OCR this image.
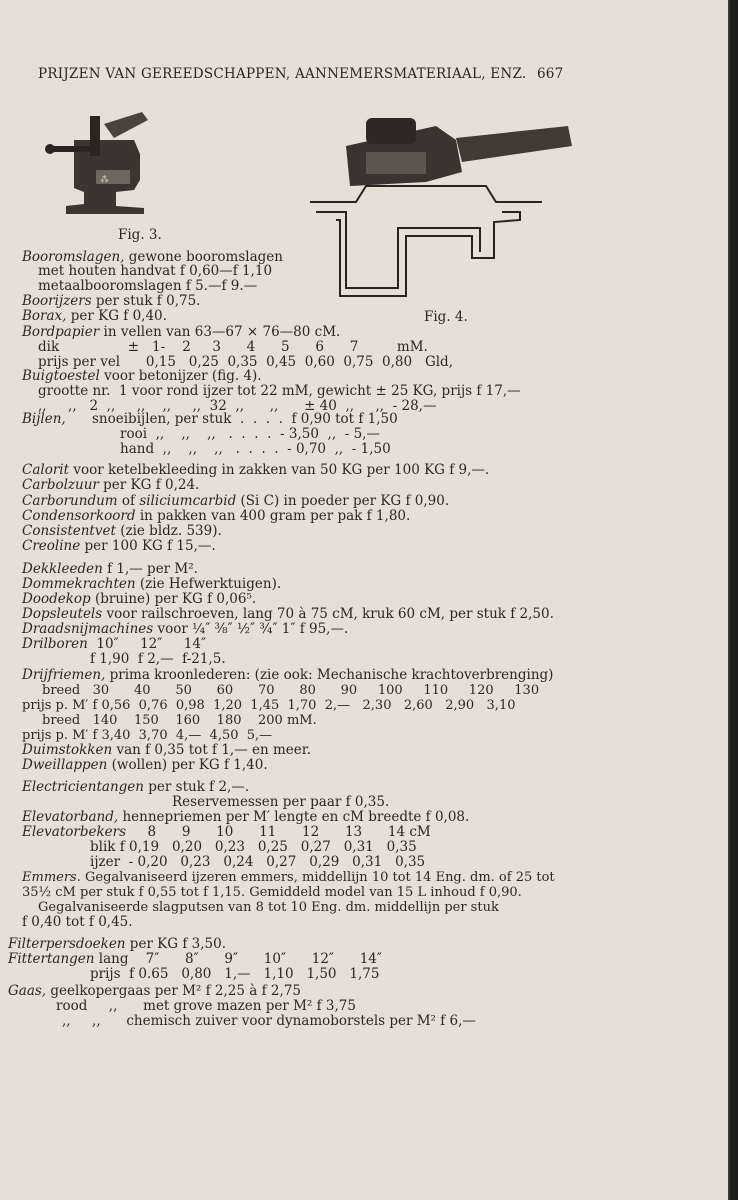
PRIJZEN VAN GEREEDSCHAPPEN, AANNEMERSMATERIAAL, ENZ. 667
⁂
Fig. 3.
Fig. 4.
Booromslagen, gewone booromslagen
met houten handvat f 0,60—f 1,10
metaalbooromslagen f 5.—f 9.—
Boorijzers per stuk f 0,75.
Borax, per KG f 0,40.
Bordpapier in vellen van 63—67 × 76—80 cM.
dik                ±   1-    2     3      4      5      6      7         mM.
prijs per vel      0,15   0,25  0,35  0,45  0,60  0,75  0,80   Gld,
Buigtoestel voor betonijzer (fig. 4).
grootte nr.  1 voor rond ijzer tot 22 mM, gewicht ± 25 KG, prijs f 17,—
,,     ,,   2  ,,     ,,    ,,     ,,  32  ,,      ,,      ± 40  ,,     ,,  - 28,—
Bijlen, snoeibijlen, per stuk  .  .  .  .  f 0,90 tot f 1,50
rooi  ,,    ,,    ,,   .  .  .  .  - 3,50  ,,  - 5,—
hand  ,,    ,,    ,,   .  .  .  .  - 0,70  ,,  - 1,50
Calorit voor ketelbekleeding in zakken van 50 KG per 100 KG f 9,—.
Carbolzuur per KG f 0,24.
Carborundum of siliciumcarbid (Si C) in poeder per KG f 0,90.
Condensorkoord in pakken van 400 gram per pak f 1,80.
Consistentvet (zie bldz. 539).
Creoline per 100 KG f 15,—.
Dekkleeden f 1,— per M².
Dommekrachten (zie Hefwerktuigen).
Doodekop (bruine) per KG f 0,06⁵.
Dopsleutels voor railschroeven, lang 70 à 75 cM, kruk 60 cM, per stuk f 2,50.
Draadsnijmachines voor ¼″ ⅜″ ½″ ¾″ 1″ f 95,—.
Drilboren  10″     12″     14″
f 1,90  f 2,—  f-21,5.
Drijfriemen, prima kroonlederen: (zie ook: Mechanische krachtoverbrenging)
breed   30      40      50      60      70      80      90     100     110     120     130
prijs p. M′ f 0,56  0,76  0,98  1,20  1,45  1,70  2,—   2,30   2,60   2,90   3,10
breed   140    150    160    180    200 mM.
prijs p. M′ f 3,40  3,70  4,—  4,50  5,—
Duimstokken van f 0,35 tot f 1,— en meer.
Dweillappen (wollen) per KG f 1,40.
Electricientangen per stuk f 2,—.
Reservemessen per paar f 0,35.
Elevatorband, hennepriemen per M′ lengte en cM breedte f 0,08.
Elevatorbekers     8      9      10      11      12      13      14 cM
blik f 0,19   0,20   0,23   0,25   0,27   0,31   0,35
ijzer  - 0,20   0,23   0,24   0,27   0,29   0,31   0,35
Emmers. Gegalvaniseerd ijzeren emmers, middellijn 10 tot 14 Eng. dm. of 25 tot
35½ cM per stuk f 0,55 tot f 1,15. Gemiddeld model van 15 L inhoud f 0,90.
Gegalvaniseerde slagputsen van 8 tot 10 Eng. dm. middellijn per stuk
f 0,40 tot f 0,45.
Filterpersdoeken per KG f 3,50.
Fittertangen lang    7″      8″      9″      10″      12″      14″
prijs  f 0.65   0,80   1,—   1,10   1,50   1,75
Gaas, geelkopergaas per M² f 2,25 à f 2,75
rood     ,,      met grove mazen per M² f 3,75
,,     ,,      chemisch zuiver voor dynamoborstels per M² f 6,—
